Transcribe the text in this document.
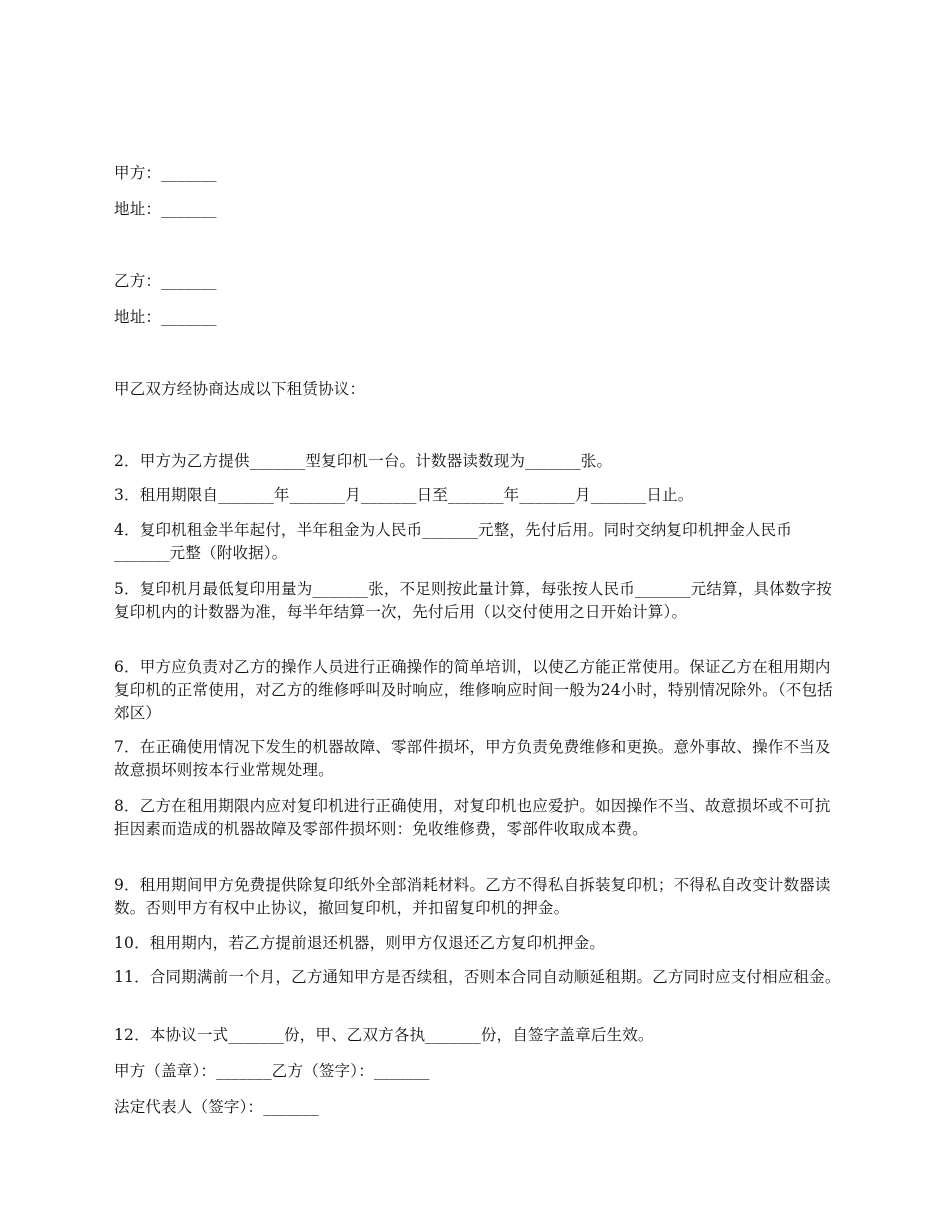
甲方：_______
地址：_______
乙方：_______
地址：_______
甲乙双方经协商达成以下租赁协议：
2．甲方为乙方提供_______型复印机一台。计数器读数现为_______张。
3．租用期限自_______年_______月_______日至_______年_______月_______日止。
4．复印机租金半年起付，半年租金为人民币_______元整，先付后用。同时交纳复印机押金人民币_______元整（附收据）。
5．复印机月最低复印用量为_______张，不足则按此量计算，每张按人民币_______元结算，具体数字按复印机内的计数器为准，每半年结算一次，先付后用（以交付使用之日开始计算）。
6．甲方应负责对乙方的操作人员进行正确操作的简单培训，以使乙方能正常使用。保证乙方在租用期内复印机的正常使用，对乙方的维修呼叫及时响应，维修响应时间一般为24小时，特别情况除外。（不包括郊区）
7．在正确使用情况下发生的机器故障、零部件损坏，甲方负责免费维修和更换。意外事故、操作不当及故意损坏则按本行业常规处理。
8．乙方在租用期限内应对复印机进行正确使用，对复印机也应爱护。如因操作不当、故意损坏或不可抗拒因素而造成的机器故障及零部件损坏则：免收维修费，零部件收取成本费。
9．租用期间甲方免费提供除复印纸外全部消耗材料。乙方不得私自拆装复印机；不得私自改变计数器读数。否则甲方有权中止协议，撤回复印机，并扣留复印机的押金。
10．租用期内，若乙方提前退还机器，则甲方仅退还乙方复印机押金。
11．合同期满前一个月，乙方通知甲方是否续租，否则本合同自动顺延租期。乙方同时应支付相应租金。
12．本协议一式_______份，甲、乙双方各执_______份，自签字盖章后生效。
甲方（盖章）：_______乙方（签字）：_______
法定代表人（签字）：_______
